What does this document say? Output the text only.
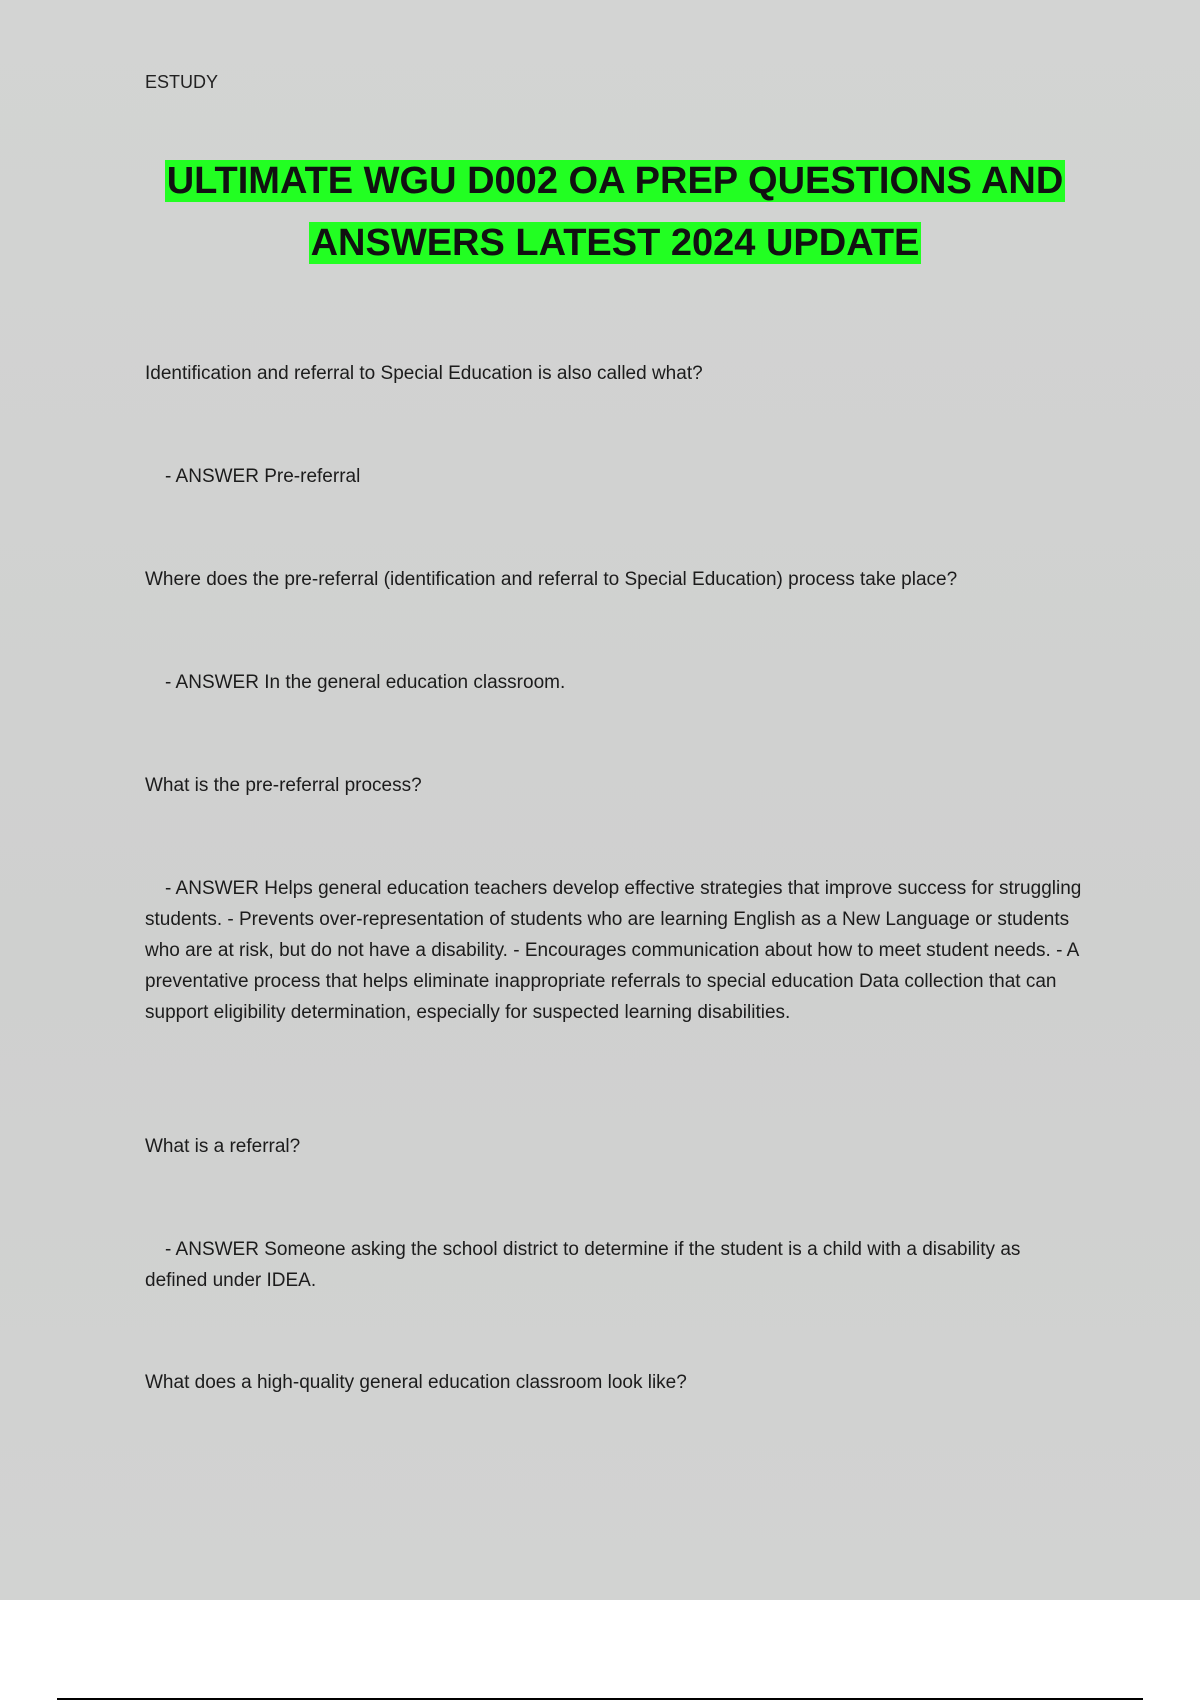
ESTUDY
ULTIMATE WGU D002 OA PREP QUESTIONS AND ANSWERS LATEST 2024 UPDATE
Identification and referral to Special Education is also called what?
- ANSWER Pre-referral
Where does the pre-referral (identification and referral to Special Education) process take place?
- ANSWER In the general education classroom.
What is the pre-referral process?
- ANSWER Helps general education teachers develop effective strategies that improve success for struggling students. - Prevents over-representation of students who are learning English as a New Language or students who are at risk, but do not have a disability. - Encourages communication about how to meet student needs. - A preventative process that helps eliminate inappropriate referrals to special education Data collection that can support eligibility determination, especially for suspected learning disabilities.
What is a referral?
- ANSWER Someone asking the school district to determine if the student is a child with a disability as defined under IDEA.
What does a high-quality general education classroom look like?
